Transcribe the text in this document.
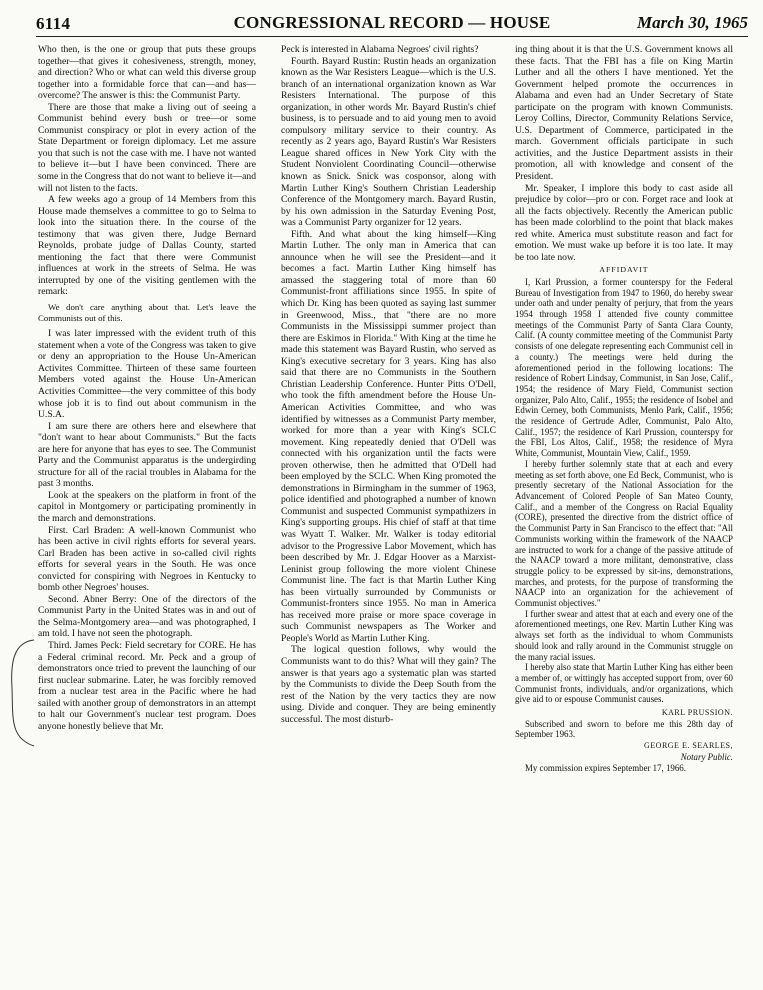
6114	CONGRESSIONAL RECORD — HOUSE	March 30, 1965

Who then, is the one or group that puts these groups together—that gives it cohesiveness, strength, money, and direction? Who or what can weld this diverse group together into a formidable force that can—and has—overcome? The answer is this: the Communist Party.

There are those that make a living out of seeing a Communist behind every bush or tree—or some Communist conspiracy or plot in every action of the State Department or foreign diplomacy. Let me assure you that such is not the case with me. I have not wanted to believe it—but I have been convinced. There are some in the Congress that do not want to believe it—and will not listen to the facts.

A few weeks ago a group of 14 Members from this House made themselves a committee to go to Selma to look into the situation there. In the course of the testimony that was given there, Judge Bernard Reynolds, probate judge of Dallas County, started mentioning the fact that there were Communist influences at work in the streets of Selma. He was interrupted by one of the visiting gentlemen with the remark:

We don't care anything about that. Let's leave the Communists out of this.

I was later impressed with the evident truth of this statement when a vote of the Congress was taken to give or deny an appropriation to the House Un-American Activites Committee. Thirteen of these same fourteen Members voted against the House Un-American Activities Committee—the very committee of this body whose job it is to find out about communism in the U.S.A.

I am sure there are others here and elsewhere that "don't want to hear about Communists." But the facts are here for anyone that has eyes to see. The Communist Party and the Communist apparatus is the undergirding structure for all of the racial troubles in Alabama for the past 3 months.

Look at the speakers on the platform in front of the capitol in Montgomery or participating prominently in the march and demonstrations.

First. Carl Braden: A well-known Communist who has been active in civil rights efforts for several years. Carl Braden has been active in so-called civil rights efforts for several years in the South. He was once convicted for conspiring with Negroes in Kentucky to bomb other Negroes' houses.

Second. Abner Berry: One of the directors of the Communist Party in the United States was in and out of the Selma-Montgomery area—and was photographed, I am told. I have not seen the photograph.

Third. James Peck: Field secretary for CORE. He has a Federal criminal record. Mr. Peck and a group of demonstrators once tried to prevent the launching of our first nuclear submarine. Later, he was forcibly removed from a nuclear test area in the Pacific where he had sailed with another group of demonstrators in an attempt to halt our Government's nuclear test program. Does anyone honestly believe that Mr.

Peck is interested in Alabama Negroes' civil rights?

Fourth. Bayard Rustin: Rustin heads an organization known as the War Resisters League—which is the U.S. branch of an international organization known as War Resisters International. The purpose of this organization, in other words Mr. Bayard Rustin's chief business, is to persuade and to aid young men to avoid compulsory military service to their country. As recently as 2 years ago, Bayard Rustin's War Resisters League shared offices in New York City with the Student Nonviolent Coordinating Council—otherwise known as Snick. Snick was cosponsor, along with Martin Luther King's Southern Christian Leadership Conference of the Montgomery march. Bayard Rustin, by his own admission in the Saturday Evening Post, was a Communist Party organizer for 12 years.

Fifth. And what about the king himself—King Martin Luther. The only man in America that can announce when he will see the President—and it becomes a fact. Martin Luther King himself has amassed the staggering total of more than 60 Communist-front affiliations since 1955. In spite of which Dr. King has been quoted as saying last summer in Greenwood, Miss., that "there are no more Communists in the Mississippi summer project than there are Eskimos in Florida." With King at the time he made this statement was Bayard Rustin, who served as King's executive secretary for 3 years. King has also said that there are no Communists in the Southern Christian Leadership Conference. Hunter Pitts O'Dell, who took the fifth amendment before the House Un-American Activities Committee, and who was identified by witnesses as a Communist Party member, worked for more than a year with King's SCLC movement. King repeatedly denied that O'Dell was connected with his organization until the facts were proven otherwise, then he admitted that O'Dell had been employed by the SCLC. When King promoted the demonstrations in Birmingham in the summer of 1963, police identified and photographed a number of known Communist and suspected Communist sympathizers in King's supporting groups. His chief of staff at that time was Wyatt T. Walker. Mr. Walker is today editorial advisor to the Progressive Labor Movement, which has been described by Mr. J. Edgar Hoover as a Marxist-Leninist group following the more violent Chinese Communist line. The fact is that Martin Luther King has been virtually surrounded by Communists or Communist-fronters since 1955. No man in America has received more praise or more space coverage in such Communist newspapers as The Worker and People's World as Martin Luther King.

The logical question follows, why would the Communists want to do this? What will they gain? The answer is that years ago a systematic plan was started by the Communists to divide the Deep South from the rest of the Nation by the very tactics they are now using. Divide and conquer. They are being eminently successful. The most disturb-

ing thing about it is that the U.S. Government knows all these facts. That the FBI has a file on King Martin Luther and all the others I have mentioned. Yet the Government helped promote the occurrences in Alabama and even had an Under Secretary of State participate on the program with known Communists. Leroy Collins, Director, Community Relations Service, U.S. Department of Commerce, participated in the march. Government officials participate in such activities, and the Justice Department assists in their promotion, all with knowledge and consent of the President.

Mr. Speaker, I implore this body to cast aside all prejudice by color—pro or con. Forget race and look at all the facts objectively. Recently the American public has been made colorblind to the point that black makes red white. America must substitute reason and fact for emotion. We must wake up before it is too late. It may be too late now.

AFFIDAVIT

I, Karl Prussion, a former counterspy for the Federal Bureau of Investigation from 1947 to 1960, do hereby swear under oath and under penalty of perjury, that from the years 1954 through 1958 I attended five county committee meetings of the Communist Party of Santa Clara County, Calif. (A county committee meeting of the Communist Party consists of one delegate representing each Communist cell in a county.) The meetings were held during the aforementioned period in the following locations: The residence of Robert Lindsay, Communist, in San Jose, Calif., 1954; the residence of Mary Field, Communist section organizer, Palo Alto, Calif., 1955; the residence of Isobel and Edwin Cerney, both Communists, Menlo Park, Calif., 1956; the residence of Gertrude Adler, Communist, Palo Alto, Calif., 1957; the residence of Karl Prussion, counterspy for the FBI, Los Altos, Calif., 1958; the residence of Myra White, Communist, Mountain View, Calif., 1959.

I hereby further solemnly state that at each and every meeting as set forth above, one Ed Beck, Communist, who is presently secretary of the National Association for the Advancement of Colored People of San Mateo County, Calif., and a member of the Congress on Racial Equality (CORE), presented the directive from the district office of the Communist Party in San Francisco to the effect that: "All Communists working within the framework of the NAACP are instructed to work for a change of the passive attitude of the NAACP toward a more militant, demonstrative, class struggle policy to be expressed by sit-ins, demonstrations, marches, and protests, for the purpose of transforming the NAACP into an organization for the achievement of Communist objectives."

I further swear and attest that at each and every one of the aforementioned meetings, one Rev. Martin Luther King was always set forth as the individual to whom Communists should look and rally around in the Communist struggle on the many racial issues.

I hereby also state that Martin Luther King has either been a member of, or wittingly has accepted support from, over 60 Communist fronts, individuals, and/or organizations, which give aid to or espouse Communist causes.

KARL PRUSSION.

Subscribed and sworn to before me this 28th day of September 1963.

GEORGE E. SEARLES,
Notary Public.

My commission expires September 17, 1966.
